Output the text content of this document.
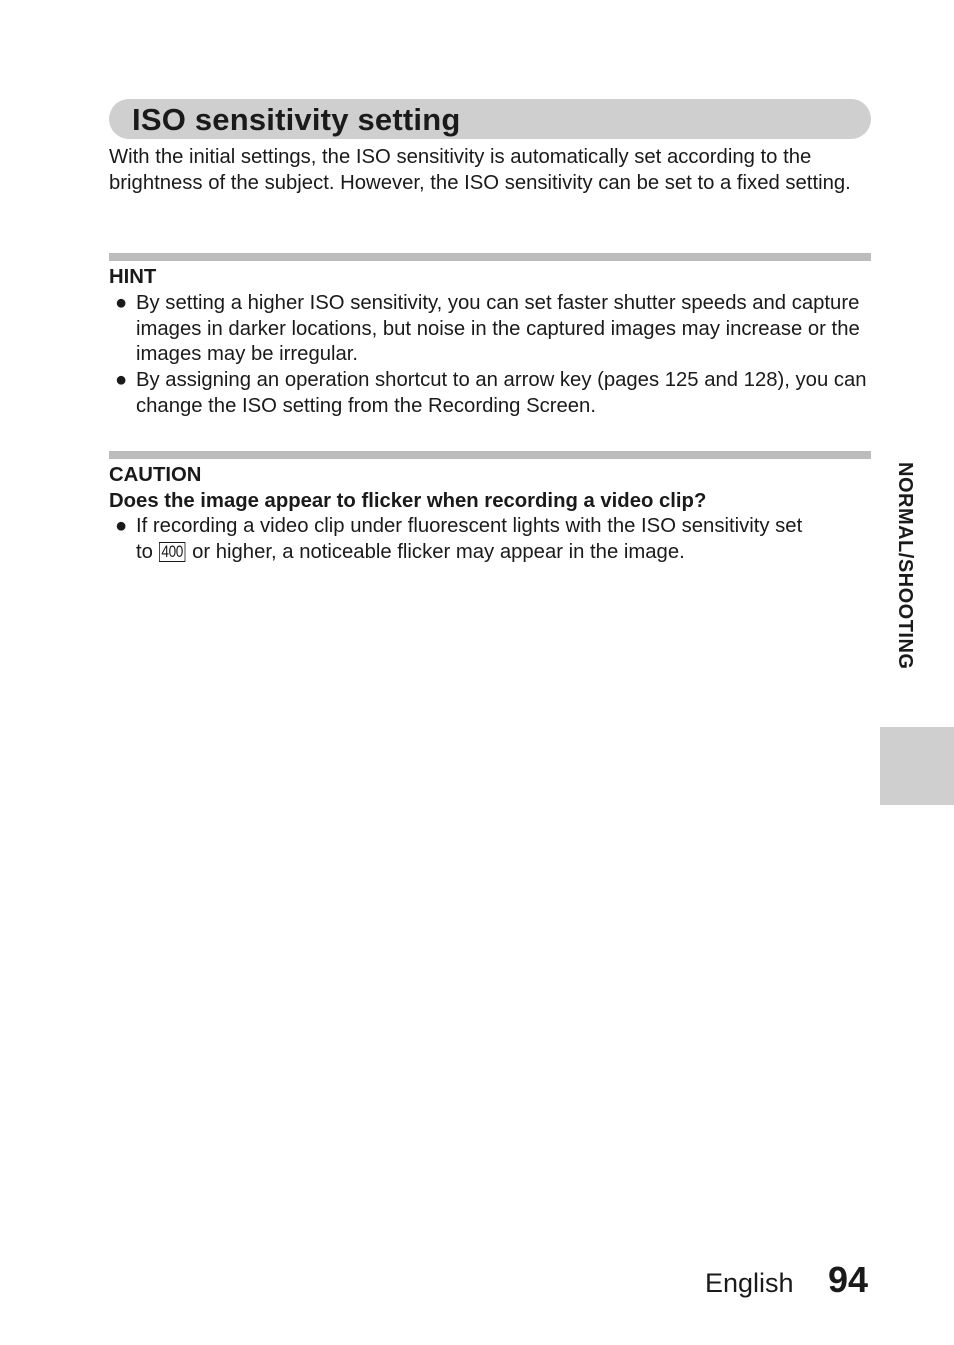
ISO sensitivity setting

With the initial settings, the ISO sensitivity is automatically set according to the brightness of the subject. However, the ISO sensitivity can be set to a fixed setting.

HINT

● By setting a higher ISO sensitivity, you can set faster shutter speeds and capture images in darker locations, but noise in the captured images may increase or the images may be irregular.
● By assigning an operation shortcut to an arrow key (pages 125 and 128), you can change the ISO setting from the Recording Screen.

CAUTION

Does the image appear to flicker when recording a video clip?

● If recording a video clip under fluorescent lights with the ISO sensitivity set
to 400 or higher, a noticeable flicker may appear in the image.	NORMAL/SHOOTING
English 94
